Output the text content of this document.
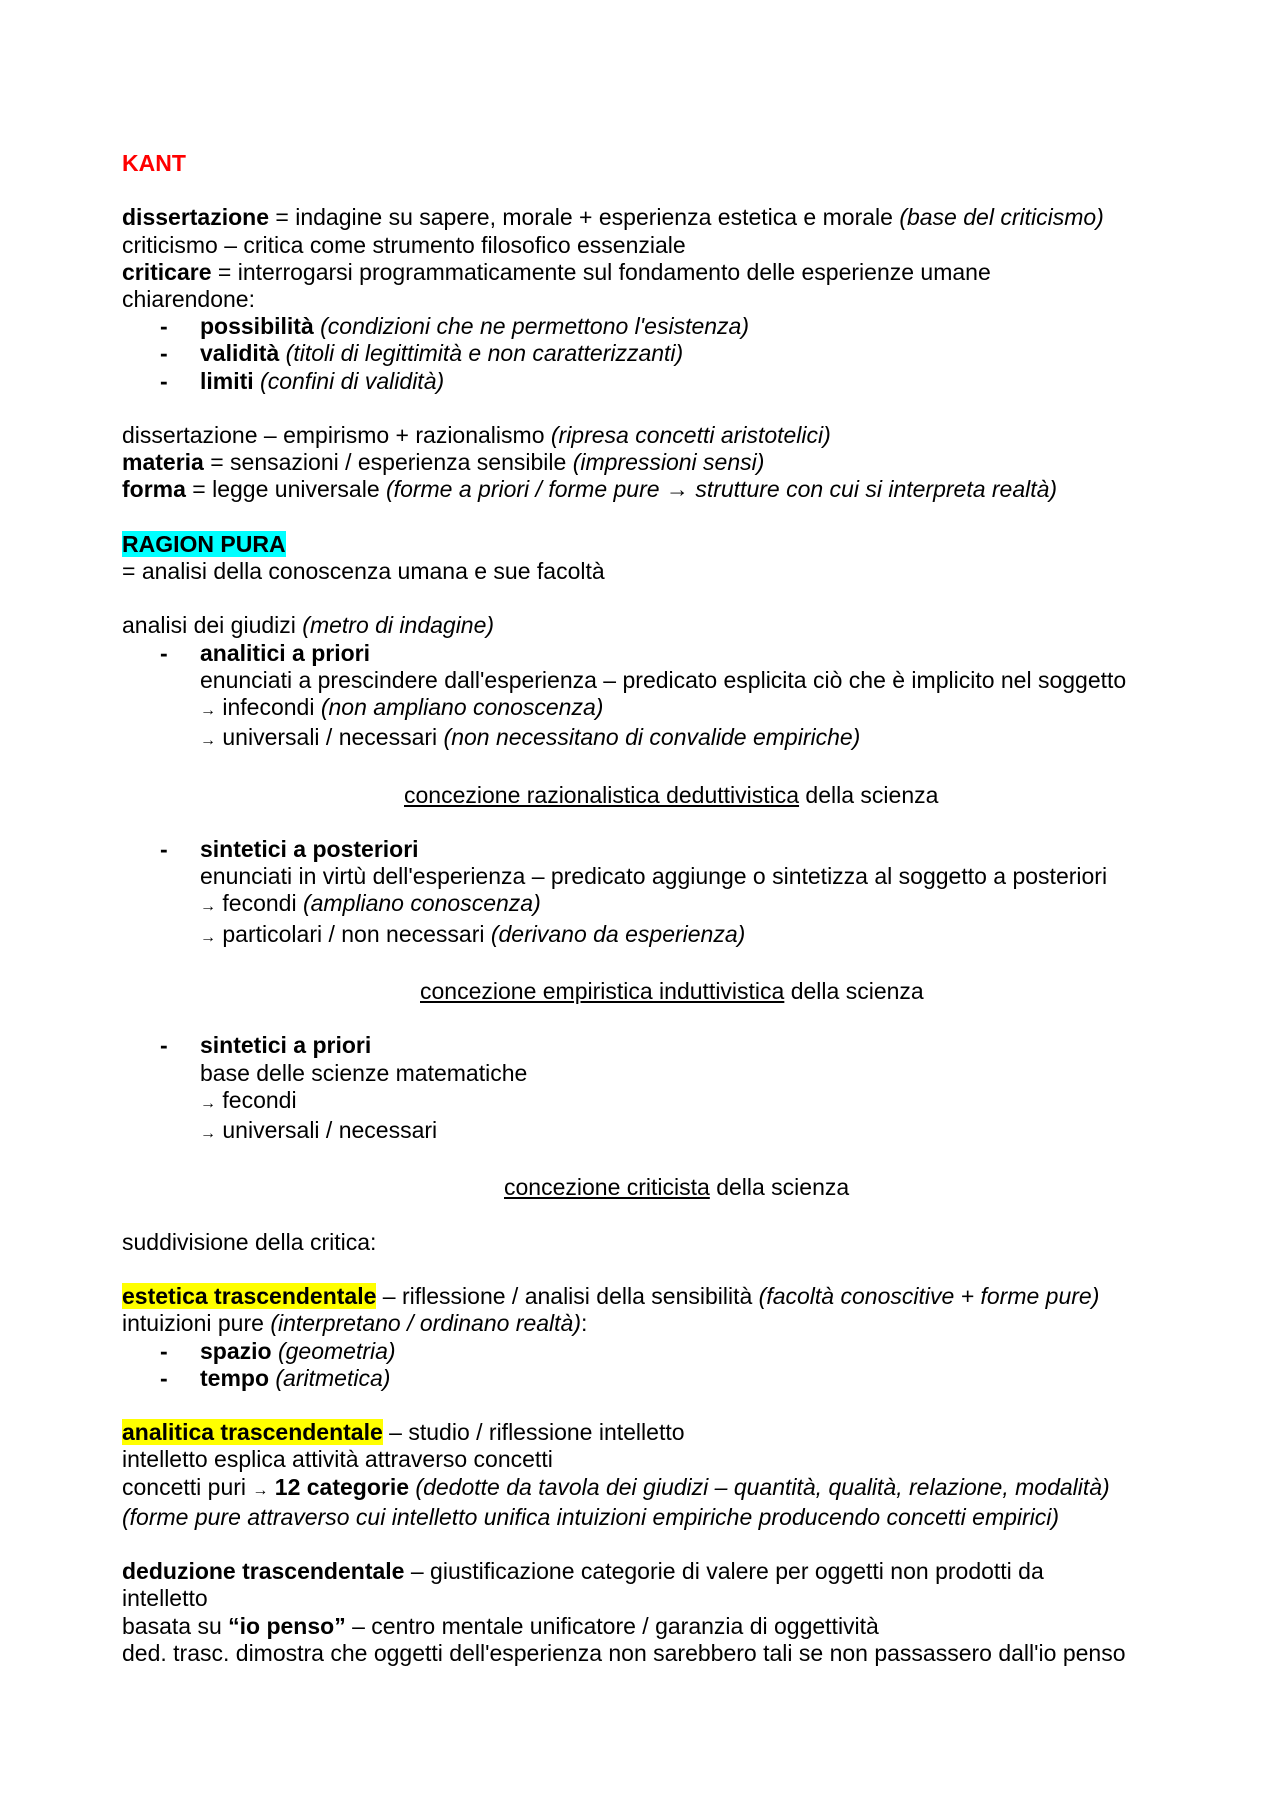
KANT
dissertazione = indagine su sapere, morale + esperienza estetica e morale (base del criticismo)
criticismo – critica come strumento filosofico essenziale
criticare = interrogarsi programmaticamente sul fondamento delle esperienze umane
chiarendone:
-	possibilità (condizioni che ne permettono l'esistenza)
-	validità (titoli di legittimità e non caratterizzanti)
-	limiti (confini di validità)
dissertazione – empirismo + razionalismo (ripresa concetti aristotelici)
materia = sensazioni / esperienza sensibile (impressioni sensi)
forma = legge universale (forme a priori / forme pure → strutture con cui si interpreta realtà)
RAGION PURA
= analisi della conoscenza umana e sue facoltà
analisi dei giudizi (metro di indagine)
-	analitici a priori
enunciati a prescindere dall'esperienza – predicato esplicita ciò che è implicito nel soggetto
→ infecondi (non ampliano conoscenza)
→ universali / necessari (non necessitano di convalide empiriche)
concezione razionalistica deduttivistica della scienza
-	sintetici a posteriori
enunciati in virtù dell'esperienza – predicato aggiunge o sintetizza al soggetto a posteriori
→ fecondi (ampliano conoscenza)
→ particolari / non necessari (derivano da esperienza)
concezione empiristica induttivistica della scienza
-	sintetici a priori
base delle scienze matematiche
→ fecondi
→ universali / necessari
concezione criticista della scienza
suddivisione della critica:
estetica trascendentale – riflessione / analisi della sensibilità (facoltà conoscitive + forme pure)
intuizioni pure (interpretano / ordinano realtà):
-	spazio (geometria)
-	tempo (aritmetica)
analitica trascendentale – studio / riflessione intelletto
intelletto esplica attività attraverso concetti
concetti puri → 12 categorie (dedotte da tavola dei giudizi – quantità, qualità, relazione, modalità)
(forme pure attraverso cui intelletto unifica intuizioni empiriche producendo concetti empirici)
deduzione trascendentale – giustificazione categorie di valere per oggetti non prodotti da
intelletto
basata su “io penso” – centro mentale unificatore / garanzia di oggettività
ded. trasc. dimostra che oggetti dell'esperienza non sarebbero tali se non passassero dall'io penso
